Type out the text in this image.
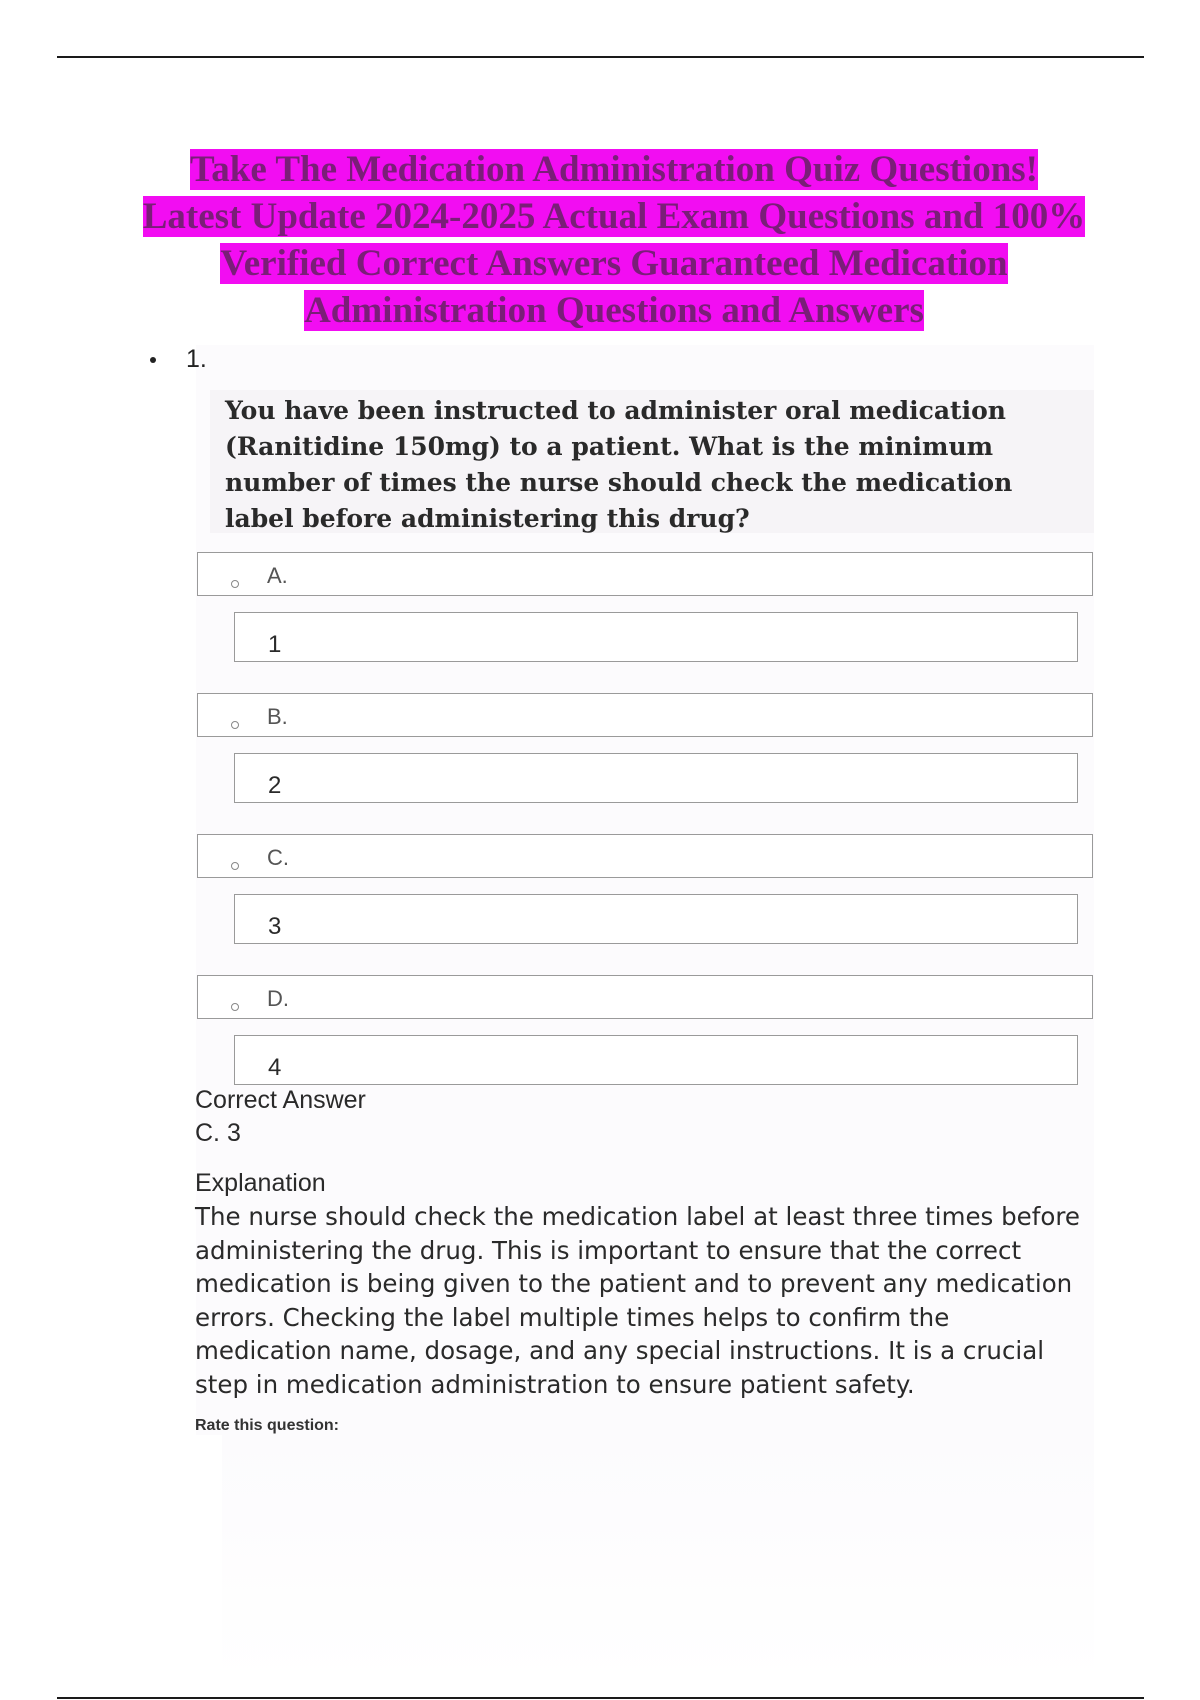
Take The Medication Administration Quiz Questions! Latest Update 2024-2025 Actual Exam Questions and 100% Verified Correct Answers Guaranteed Medication Administration Questions and Answers
1.

You have been instructed to administer oral medication (Ranitidine 150mg) to a patient. What is the minimum number of times the nurse should check the medication label before administering this drug?

A.
1
B.
2
C.
3
D.
4

Correct Answer
C. 3

Explanation

The nurse should check the medication label at least three times before administering the drug. This is important to ensure that the correct medication is being given to the patient and to prevent any medication errors. Checking the label multiple times helps to confirm the medication name, dosage, and any special instructions. It is a crucial step in medication administration to ensure patient safety.

Rate this question:
